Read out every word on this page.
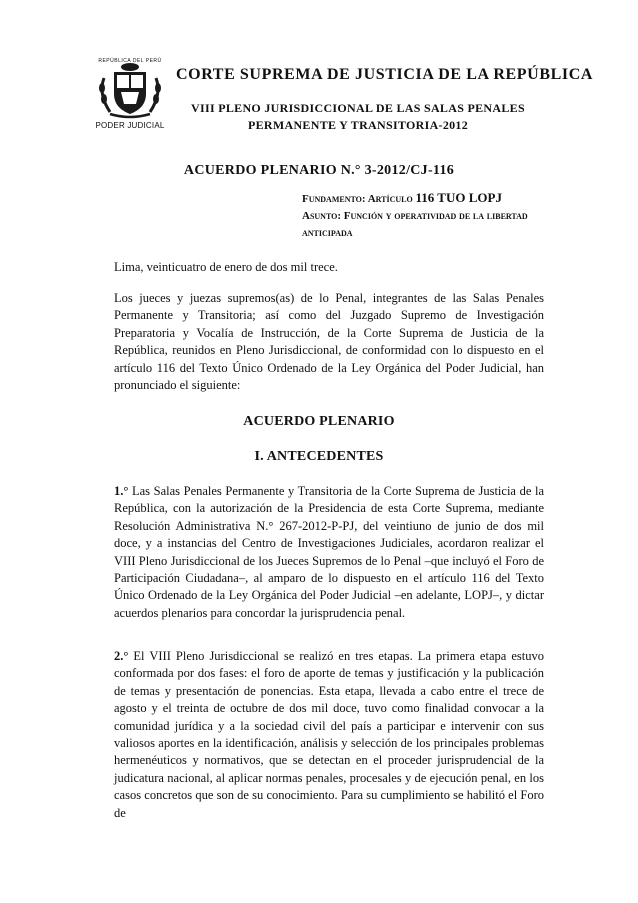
REPÚBLICA DEL PERÚ
PODER JUDICIAL
CORTE SUPREMA DE JUSTICIA DE LA REPÚBLICA
VIII PLENO JURISDICCIONAL DE LAS SALAS PENALES
PERMANENTE Y TRANSITORIA-2012
ACUERDO PLENARIO N.° 3-2012/CJ-116
Fundamento: Artículo 116 TUO LOPJ
Asunto: Función y operatividad de la libertad anticipada
Lima, veinticuatro de enero de dos mil trece.
Los jueces y juezas supremos(as) de lo Penal, integrantes de las Salas Penales Permanente y Transitoria; así como del Juzgado Supremo de Investigación Preparatoria y Vocalía de Instrucción, de la Corte Suprema de Justicia de la República, reunidos en Pleno Jurisdiccional, de conformidad con lo dispuesto en el artículo 116 del Texto Único Ordenado de la Ley Orgánica del Poder Judicial, han pronunciado el siguiente:
ACUERDO PLENARIO
I. ANTECEDENTES
1.° Las Salas Penales Permanente y Transitoria de la Corte Suprema de Justicia de la República, con la autorización de la Presidencia de esta Corte Suprema, mediante Resolución Administrativa N.° 267-2012-P-PJ, del veintiuno de junio de dos mil doce, y a instancias del Centro de Investigaciones Judiciales, acordaron realizar el VIII Pleno Jurisdiccional de los Jueces Supremos de lo Penal –que incluyó el Foro de Participación Ciudadana–, al amparo de lo dispuesto en el artículo 116 del Texto Único Ordenado de la Ley Orgánica del Poder Judicial –en adelante, LOPJ–, y dictar acuerdos plenarios para concordar la jurisprudencia penal.
2.° El VIII Pleno Jurisdiccional se realizó en tres etapas. La primera etapa estuvo conformada por dos fases: el foro de aporte de temas y justificación y la publicación de temas y presentación de ponencias. Esta etapa, llevada a cabo entre el trece de agosto y el treinta de octubre de dos mil doce, tuvo como finalidad convocar a la comunidad jurídica y a la sociedad civil del país a participar e intervenir con sus valiosos aportes en la identificación, análisis y selección de los principales problemas hermenéuticos y normativos, que se detectan en el proceder jurisprudencial de la judicatura nacional, al aplicar normas penales, procesales y de ejecución penal, en los casos concretos que son de su conocimiento. Para su cumplimiento se habilitó el Foro de
